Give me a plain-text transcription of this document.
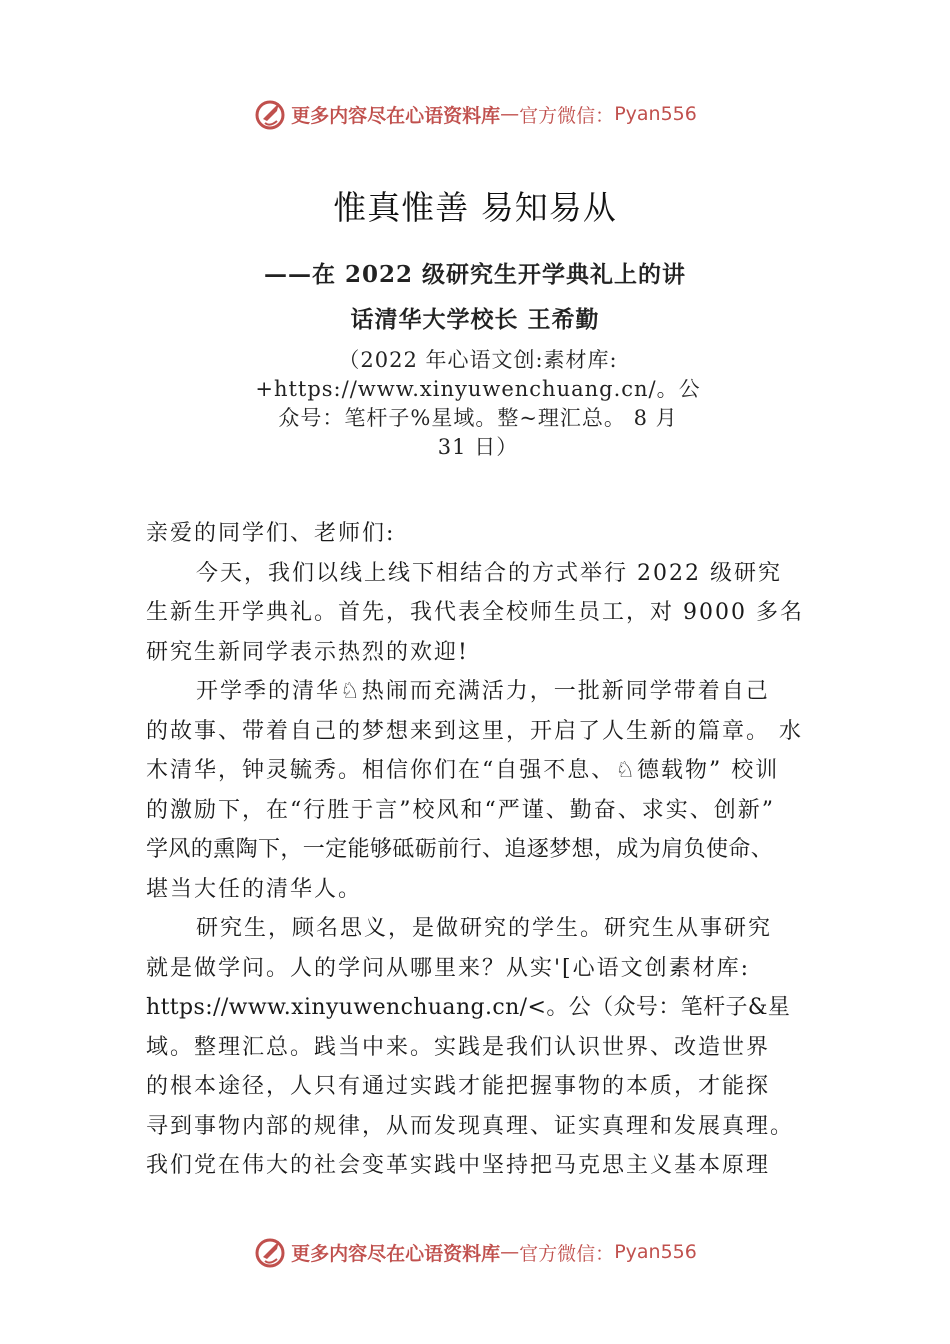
更多内容尽在心语资料库 — 官方微信： Pyan556
惟真惟善 易知易从
——在 2022 级研究生开学典礼上的讲
话清华大学校长 王希勤
（2022 年心语文创:素材库:
+https://www.xinyuwenchuang.cn/。公
众号：笔杆子%星域。整~理汇总。 8 月
31 日）
亲爱的同学们、老师们:
今天，我们以线上线下相结合的方式举行 2022 级研究
生新生开学典礼。首先，我代表全校师生员工，对 9000 多名
研究生新同学表示热烈的欢迎!
开学季的清华♘热闹而充满活力，一批新同学带着自己
的故事、带着自己的梦想来到这里，开启了人生新的篇章。 水
木清华，钟灵毓秀。相信你们在“自强不息、♘德载物” 校训
的激励下，在“行胜于言”校风和“严谨、勤奋、求实、创新”
学风的熏陶下，一定能够砥砺前行、追逐梦想，成为肩负使命、
堪当大任的清华人。
研究生，顾名思义，是做研究的学生。研究生从事研究
就是做学问。人的学问从哪里来？从实'[心语文创素材库:
https://www.xinyuwenchuang.cn/<。公（众号：笔杆子&星
域。整理汇总。践当中来。实践是我们认识世界、改造世界
的根本途径，人只有通过实践才能把握事物的本质，才能探
寻到事物内部的规律，从而发现真理、证实真理和发展真理。
我们党在伟大的社会变革实践中坚持把马克思主义基本原理
更多内容尽在心语资料库 — 官方微信： Pyan556
